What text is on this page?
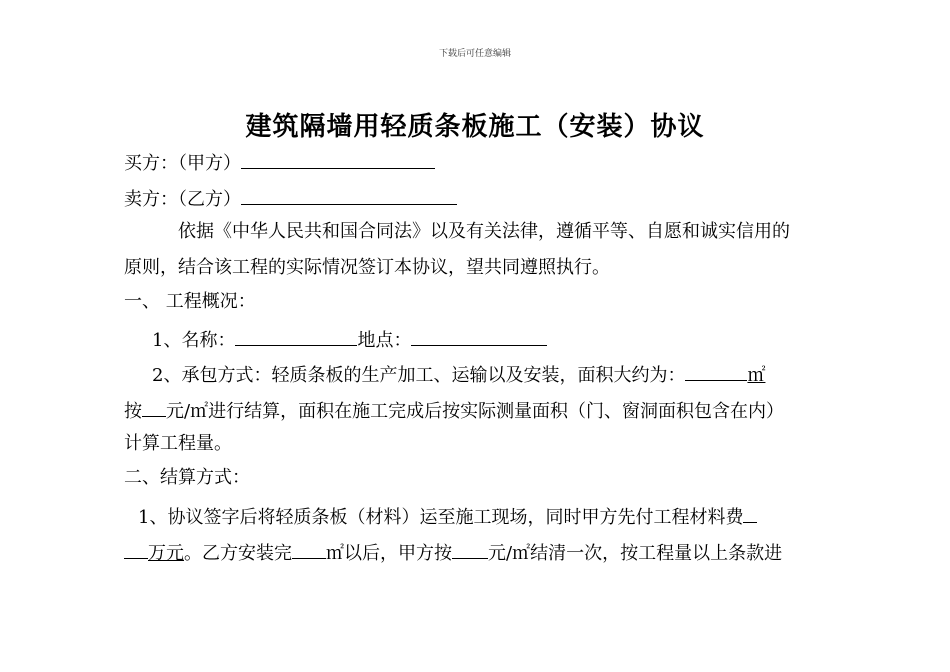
下载后可任意编辑
建筑隔墙用轻质条板施工（安装）协议
买方：（甲方）
卖方：（乙方）
依据《中华人民共和国合同法》以及有关法律，遵循平等、自愿和诚实信用的
原则，结合该工程的实际情况签订本协议，望共同遵照执行。
一、 工程概况：
1、名称：	地点：
2、承包方式：轻质条板的生产加工、运输以及安装，面积大约为：	㎡
按 元/㎡进行结算，面积在施工完成后按实际测量面积（门、窗洞面积包含在内）
计算工程量。
二、结算方式：
1、协议签字后将轻质条板（材料）运至施工现场，同时甲方先付工程材料费
万元。乙方安装完 ㎡以后，甲方按 元/㎡结清一次，按工程量以上条款进
